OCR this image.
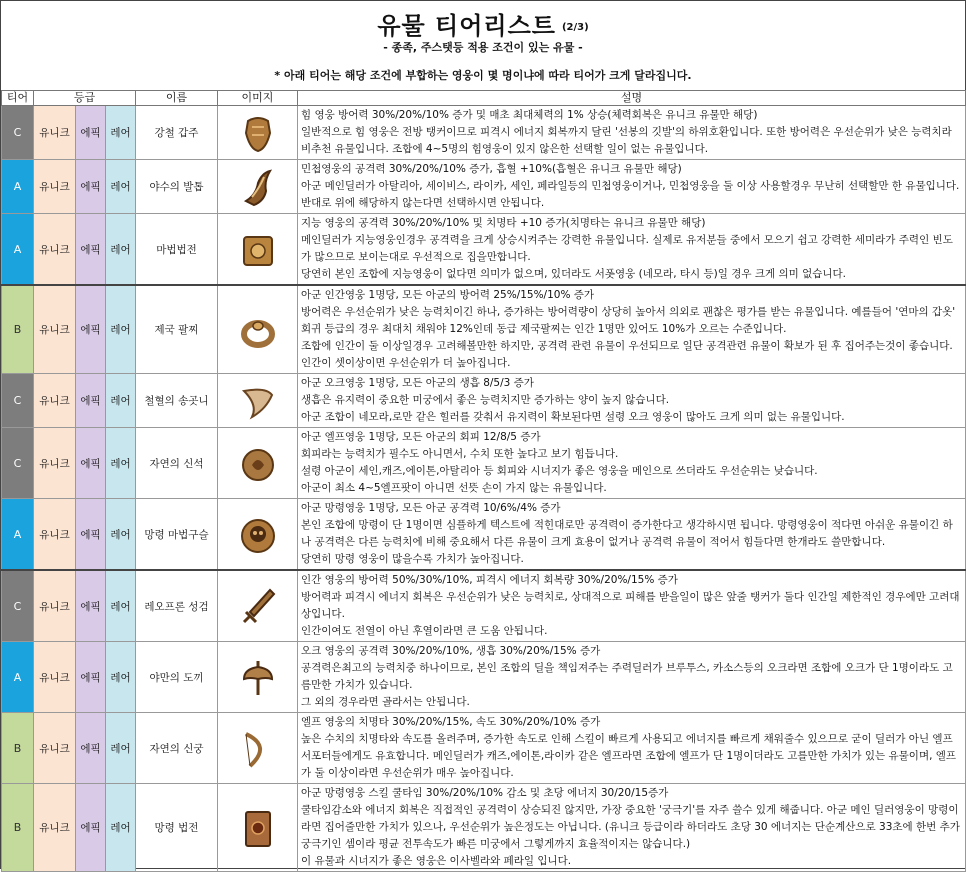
유물 티어리스트 (2/3)
- 종족, 주스탯등 적용 조건이 있는 유물 -
* 아래 티어는 해당 조건에 부합하는 영웅이 몇 명이냐에 따라 티어가 크게 달라집니다.
티어	등급			이름	이미지	설명
C	유니크	에픽	레어	강철 갑주		힘 영웅 방어력 30%/20%/10% 증가 및 매초 최대체력의 1% 상승(체력회복은 유니크 유물만 해당)

일반적으로 힘 영웅은 전방 탱커이므로 피격시 에너지 회복까지 달린 '선봉의 깃발'의 하위호환입니다. 또한 방어력은 우선순위가 낮은 능력치라 비추천 유물입니다. 조합에 4~5명의 힘영웅이 있지 않은한 선택할 일이 없는 유물입니다.

A	유니크	에픽	레어	야수의 발톱		민첩영웅의 공격력 30%/20%/10% 증가, 흡혈 +10%(흡혈은 유니크 유물만 해당)

아군 메인딜러가 아탈리아, 세이비스, 라이카, 세인, 페라일등의 민첩영웅이거나, 민첩영웅을 둘 이상 사용할경우 무난히 선택할만 한 유물입니다.

반대로 위에 해당하지 않는다면 선택하시면 안됩니다.

A	유니크	에픽	레어	마법법전		지능 영웅의 공격력 30%/20%/10% 및 치명타 +10 증가(치명타는 유니크 유물만 해당)

메인딜러가 지능영웅인경우 공격력을 크게 상승시켜주는 강력한 유물입니다. 실제로 유저분들 중에서 모으기 쉽고 강력한 세미라가 주력인 빈도가 많으므로 보이는대로 우선적으로 집을만합니다.

당연히 본인 조합에 지능영웅이 없다면 의미가 없으며, 있더라도 서폿영웅 (네모라, 타시 등)일 경우 크게 의미 없습니다.

B	유니크	에픽	레어	제국 팔찌		아군 인간영웅 1명당, 모든 아군의 방어력 25%/15%/10% 증가

방어력은 우선순위가 낮은 능력치이긴 하나, 증가하는 방어력량이 상당히 높아서 의외로 괜찮은 평가를 받는 유물입니다. 예를들어 '연마의 갑옷' 회귀 등급의 경우 최대치 채워야 12%인데 동급 제국팔찌는 인간 1명만 있어도 10%가 오르는 수준입니다.

조합에 인간이 둘 이상일경우 고려해볼만한 하지만, 공격력 관련 유물이 우선되므로 일단 공격관련 유물이 확보가 된 후 집어주는것이 좋습니다. 인간이 셋이상이면 우선순위가 더 높아집니다.

C	유니크	에픽	레어	철혈의 송곳니		아군 오크영웅 1명당, 모든 아군의 생흡 8/5/3 증가

생흡은 유지력이 중요한 미궁에서 좋은 능력치지만 증가하는 양이 높지 않습니다.

아군 조합이 네모라,로만 같은 힐러를 갖춰서 유지력이 확보된다면 설령 오크 영웅이 많아도 크게 의미 없는 유물입니다.

C	유니크	에픽	레어	자연의 신석		아군 엘프영웅 1명당, 모든 아군의 회피 12/8/5 증가

회피라는 능력치가 필수도 아니면서, 수치 또한 높다고 보기 힘듭니다.

설령 아군이 세인,캐즈,에이톤,아탈리아 등 회피와 시너지가 좋은 영웅을 메인으로 쓰더라도 우선순위는 낮습니다.

아군이 최소 4~5엘프팟이 아니면 선뜻 손이 가지 않는 유물입니다.

A	유니크	에픽	레어	망령 마법구슬		아군 망령영웅 1명당, 모든 아군 공격력 10/6%/4% 증가

본인 조합에 망령이 단 1명이면 심플하게 텍스트에 적힌대로만 공격력이 증가한다고 생각하시면 됩니다. 망령영웅이 적다면 아쉬운 유물이긴 하나 공격력은 다른 능력치에 비해 중요해서 다른 유물이 크게 효용이 없거나 공격력 유물이 적어서 힘들다면 한개라도 쓸만합니다.

당연히 망령 영웅이 많을수록 가치가 높아집니다.

C	유니크	에픽	레어	레오프론 성검		인간 영웅의 방어력 50%/30%/10%, 피격시 에너지 회복량 30%/20%/15% 증가

방어력과 피격시 에너지 회복은 우선순위가 낮은 능력치로, 상대적으로 피해를 받을일이 많은 앞줄 탱커가 둘다 인간일 제한적인 경우에만 고려대상입니다.

인간이여도 전열이 아닌 후열이라면 큰 도움 안됩니다.

A	유니크	에픽	레어	야만의 도끼		오크 영웅의 공격력 30%/20%/10%, 생흡 30%/20%/15% 증가

공격력은최고의 능력치중 하나이므로, 본인 조합의 딜을 책임져주는 주력딜러가 브루투스, 카소스등의 오크라면 조합에 오크가 단 1명이라도 고름만한 가치가 있습니다.

그 외의 경우라면 골라서는 안됩니다.

B	유니크	에픽	레어	자연의 신궁		엘프 영웅의 치명타 30%/20%/15%, 속도 30%/20%/10% 증가

높은 수치의 치명타와 속도를 올려주며, 증가한 속도로 인해 스킬이 빠르게 사용되고 에너지를 빠르게 채워줄수 있으므로 굳이 딜러가 아닌 엘프 서포터들에게도 유효합니다. 메인딜러가 캐즈,에이톤,라이카 같은 엘프라면 조합에 엘프가 단 1명이더라도 고를만한 가치가 있는 유물이며, 엘프가 둘 이상이라면 우선순위가 매우 높아집니다.

B	유니크	에픽	레어	망령 법전		아군 망령영웅 스킬 쿨타임 30%/20%/10% 감소 및 초당 에너지 30/20/15증가

쿨타임감소와 에너지 회복은 직접적인 공격력이 상승되진 않지만, 가장 중요한 '궁극기'를 자주 쓸수 있게 해줍니다. 아군 메인 딜러영웅이 망령이라면 집어줄만한 가치가 있으나, 우선순위가 높은정도는 아닙니다. (유니크 등급이라 하더라도 초당 30 에너지는 단순계산으로 33초에 한번 추가 궁극기인 셈이라 평균 전투속도가 빠른 미궁에서 그렇게까지 효율적이지는 않습니다.)

이 유물과 시너지가 좋은 영웅은 이사벨라와 페라일 입니다.
